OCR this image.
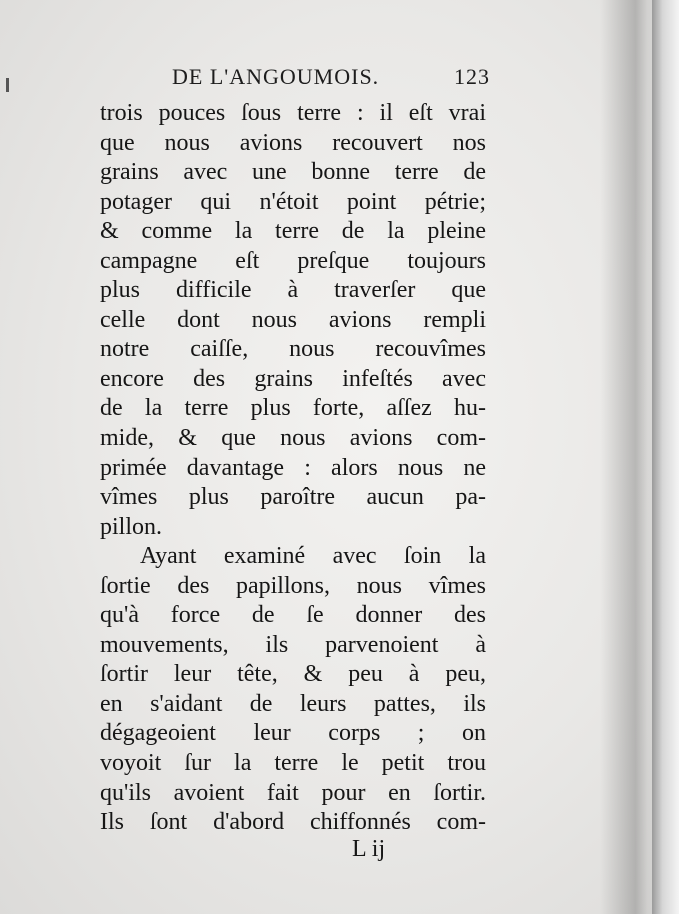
DE L'ANGOUMOIS.	123
trois pouces ſous terre : il eſt vrai
que nous avions recouvert nos
grains avec une bonne terre de
potager qui n'étoit point pétrie;
& comme la terre de la pleine
campagne eſt preſque toujours
plus difficile à traverſer que
celle dont nous avions rempli
notre caiſſe, nous recouvîmes
encore des grains infeſtés avec
de la terre plus forte, aſſez hu-
mide, & que nous avions com-
primée davantage : alors nous ne
vîmes plus paroître aucun pa-
pillon.
Ayant examiné avec ſoin la
ſortie des papillons, nous vîmes
qu'à force de ſe donner des
mouvements, ils parvenoient à
ſortir leur tête, & peu à peu,
en s'aidant de leurs pattes, ils
dégageoient leur corps ; on
voyoit ſur la terre le petit trou
qu'ils avoient fait pour en ſortir.
Ils ſont d'abord chiffonnés com-
L ij
